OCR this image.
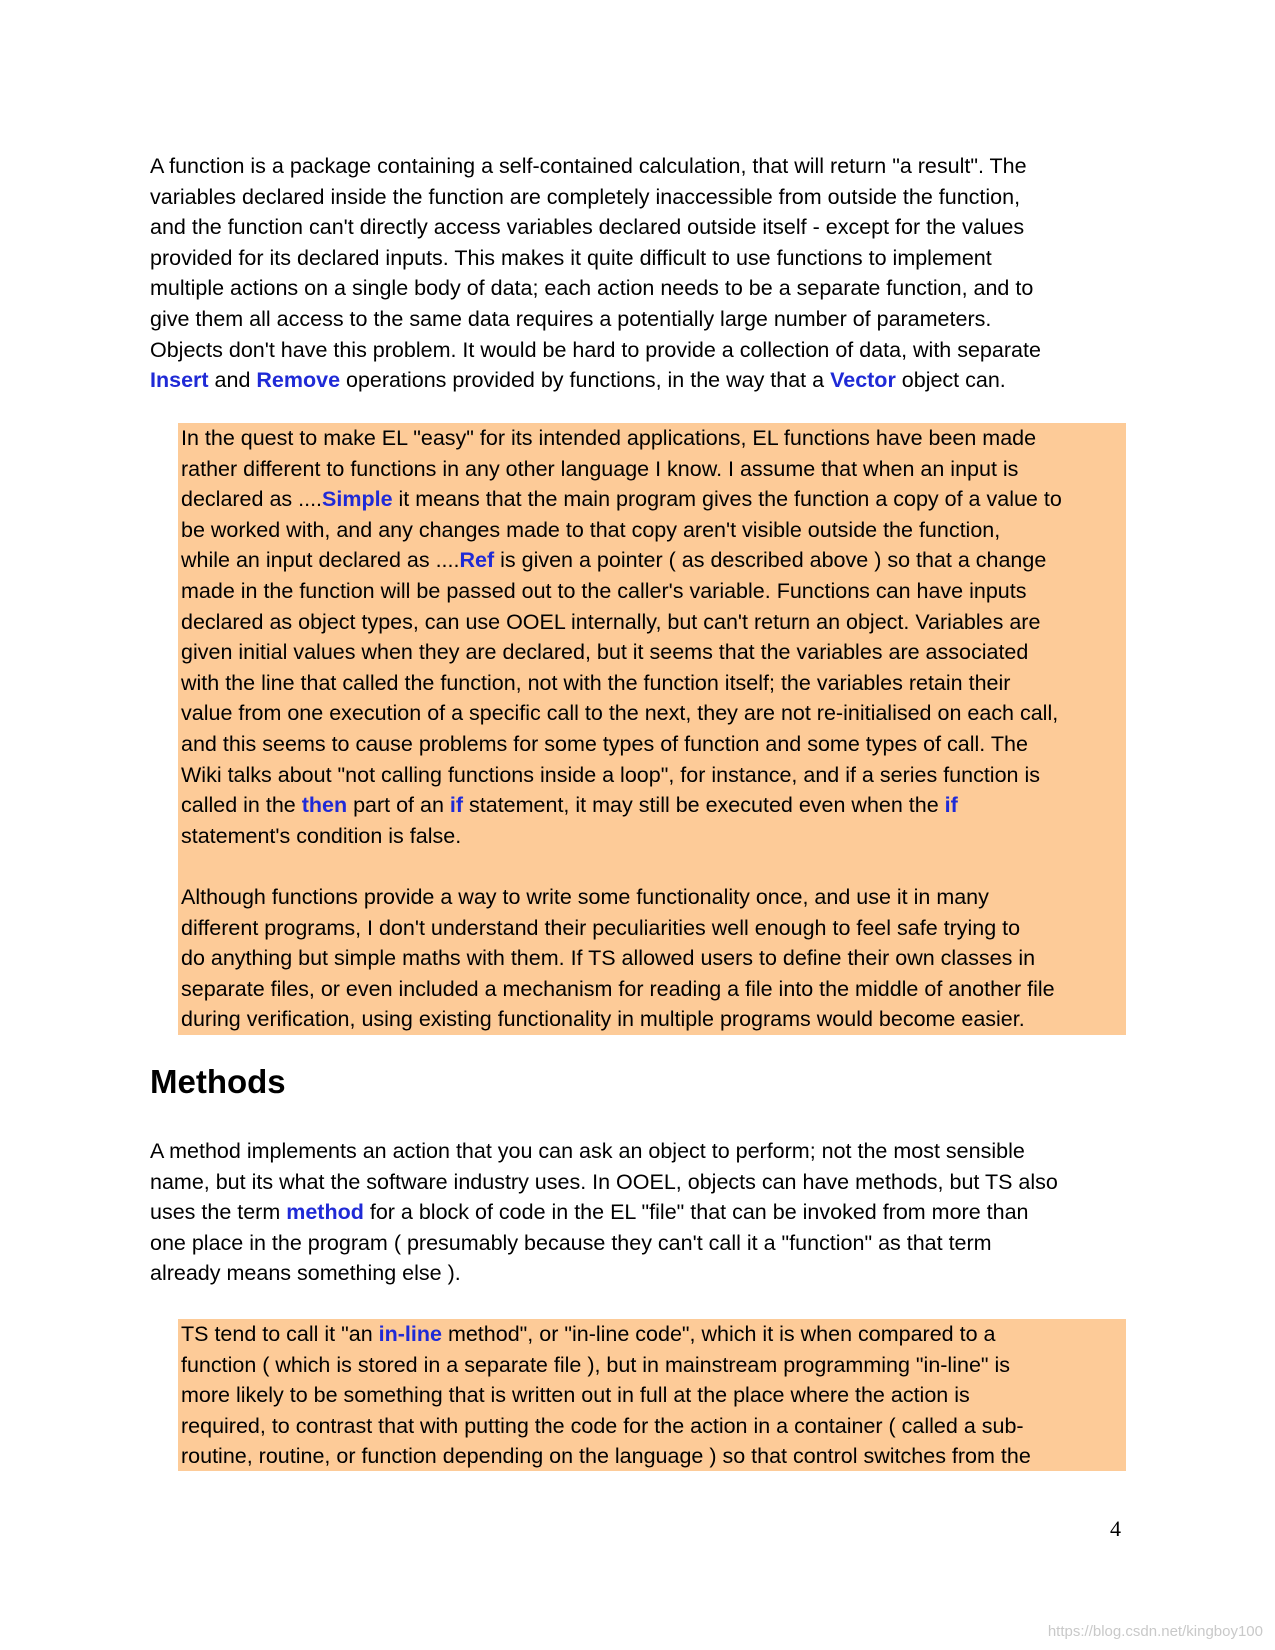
A function is a package containing a self-contained calculation, that will return "a result". The
variables declared inside the function are completely inaccessible from outside the function,
and the function can't directly access variables declared outside itself - except for the values
provided for its declared inputs. This makes it quite difficult to use functions to implement
multiple actions on a single body of data; each action needs to be a separate function, and to
give them all access to the same data requires a potentially large number of parameters.
Objects don't have this problem. It would be hard to provide a collection of data, with separate
Insert and Remove operations provided by functions, in the way that a Vector object can.

In the quest to make EL "easy" for its intended applications, EL functions have been made
rather different to functions in any other language I know. I assume that when an input is
declared as ....Simple it means that the main program gives the function a copy of a value to
be worked with, and any changes made to that copy aren't visible outside the function,
while an input declared as ....Ref is given a pointer ( as described above ) so that a change
made in the function will be passed out to the caller's variable. Functions can have inputs
declared as object types, can use OOEL internally, but can't return an object. Variables are
given initial values when they are declared, but it seems that the variables are associated
with the line that called the function, not with the function itself; the variables retain their
value from one execution of a specific call to the next, they are not re-initialised on each call,
and this seems to cause problems for some types of function and some types of call. The
Wiki talks about "not calling functions inside a loop", for instance, and if a series function is
called in the then part of an if statement, it may still be executed even when the if
statement's condition is false.

Although functions provide a way to write some functionality once, and use it in many
different programs, I don't understand their peculiarities well enough to feel safe trying to
do anything but simple maths with them. If TS allowed users to define their own classes in
separate files, or even included a mechanism for reading a file into the middle of another file
during verification, using existing functionality in multiple programs would become easier.

Methods
A method implements an action that you can ask an object to perform; not the most sensible
name, but its what the software industry uses. In OOEL, objects can have methods, but TS also
uses the term method for a block of code in the EL "file" that can be invoked from more than
one place in the program ( presumably because they can't call it a "function" as that term
already means something else ).

TS tend to call it "an in-line method", or "in-line code", which it is when compared to a
function ( which is stored in a separate file ), but in mainstream programming "in-line" is
more likely to be something that is written out in full at the place where the action is
required, to contrast that with putting the code for the action in a container ( called a sub-
routine, routine, or function depending on the language ) so that control switches from the

4
https://blog.csdn.net/kingboy100
